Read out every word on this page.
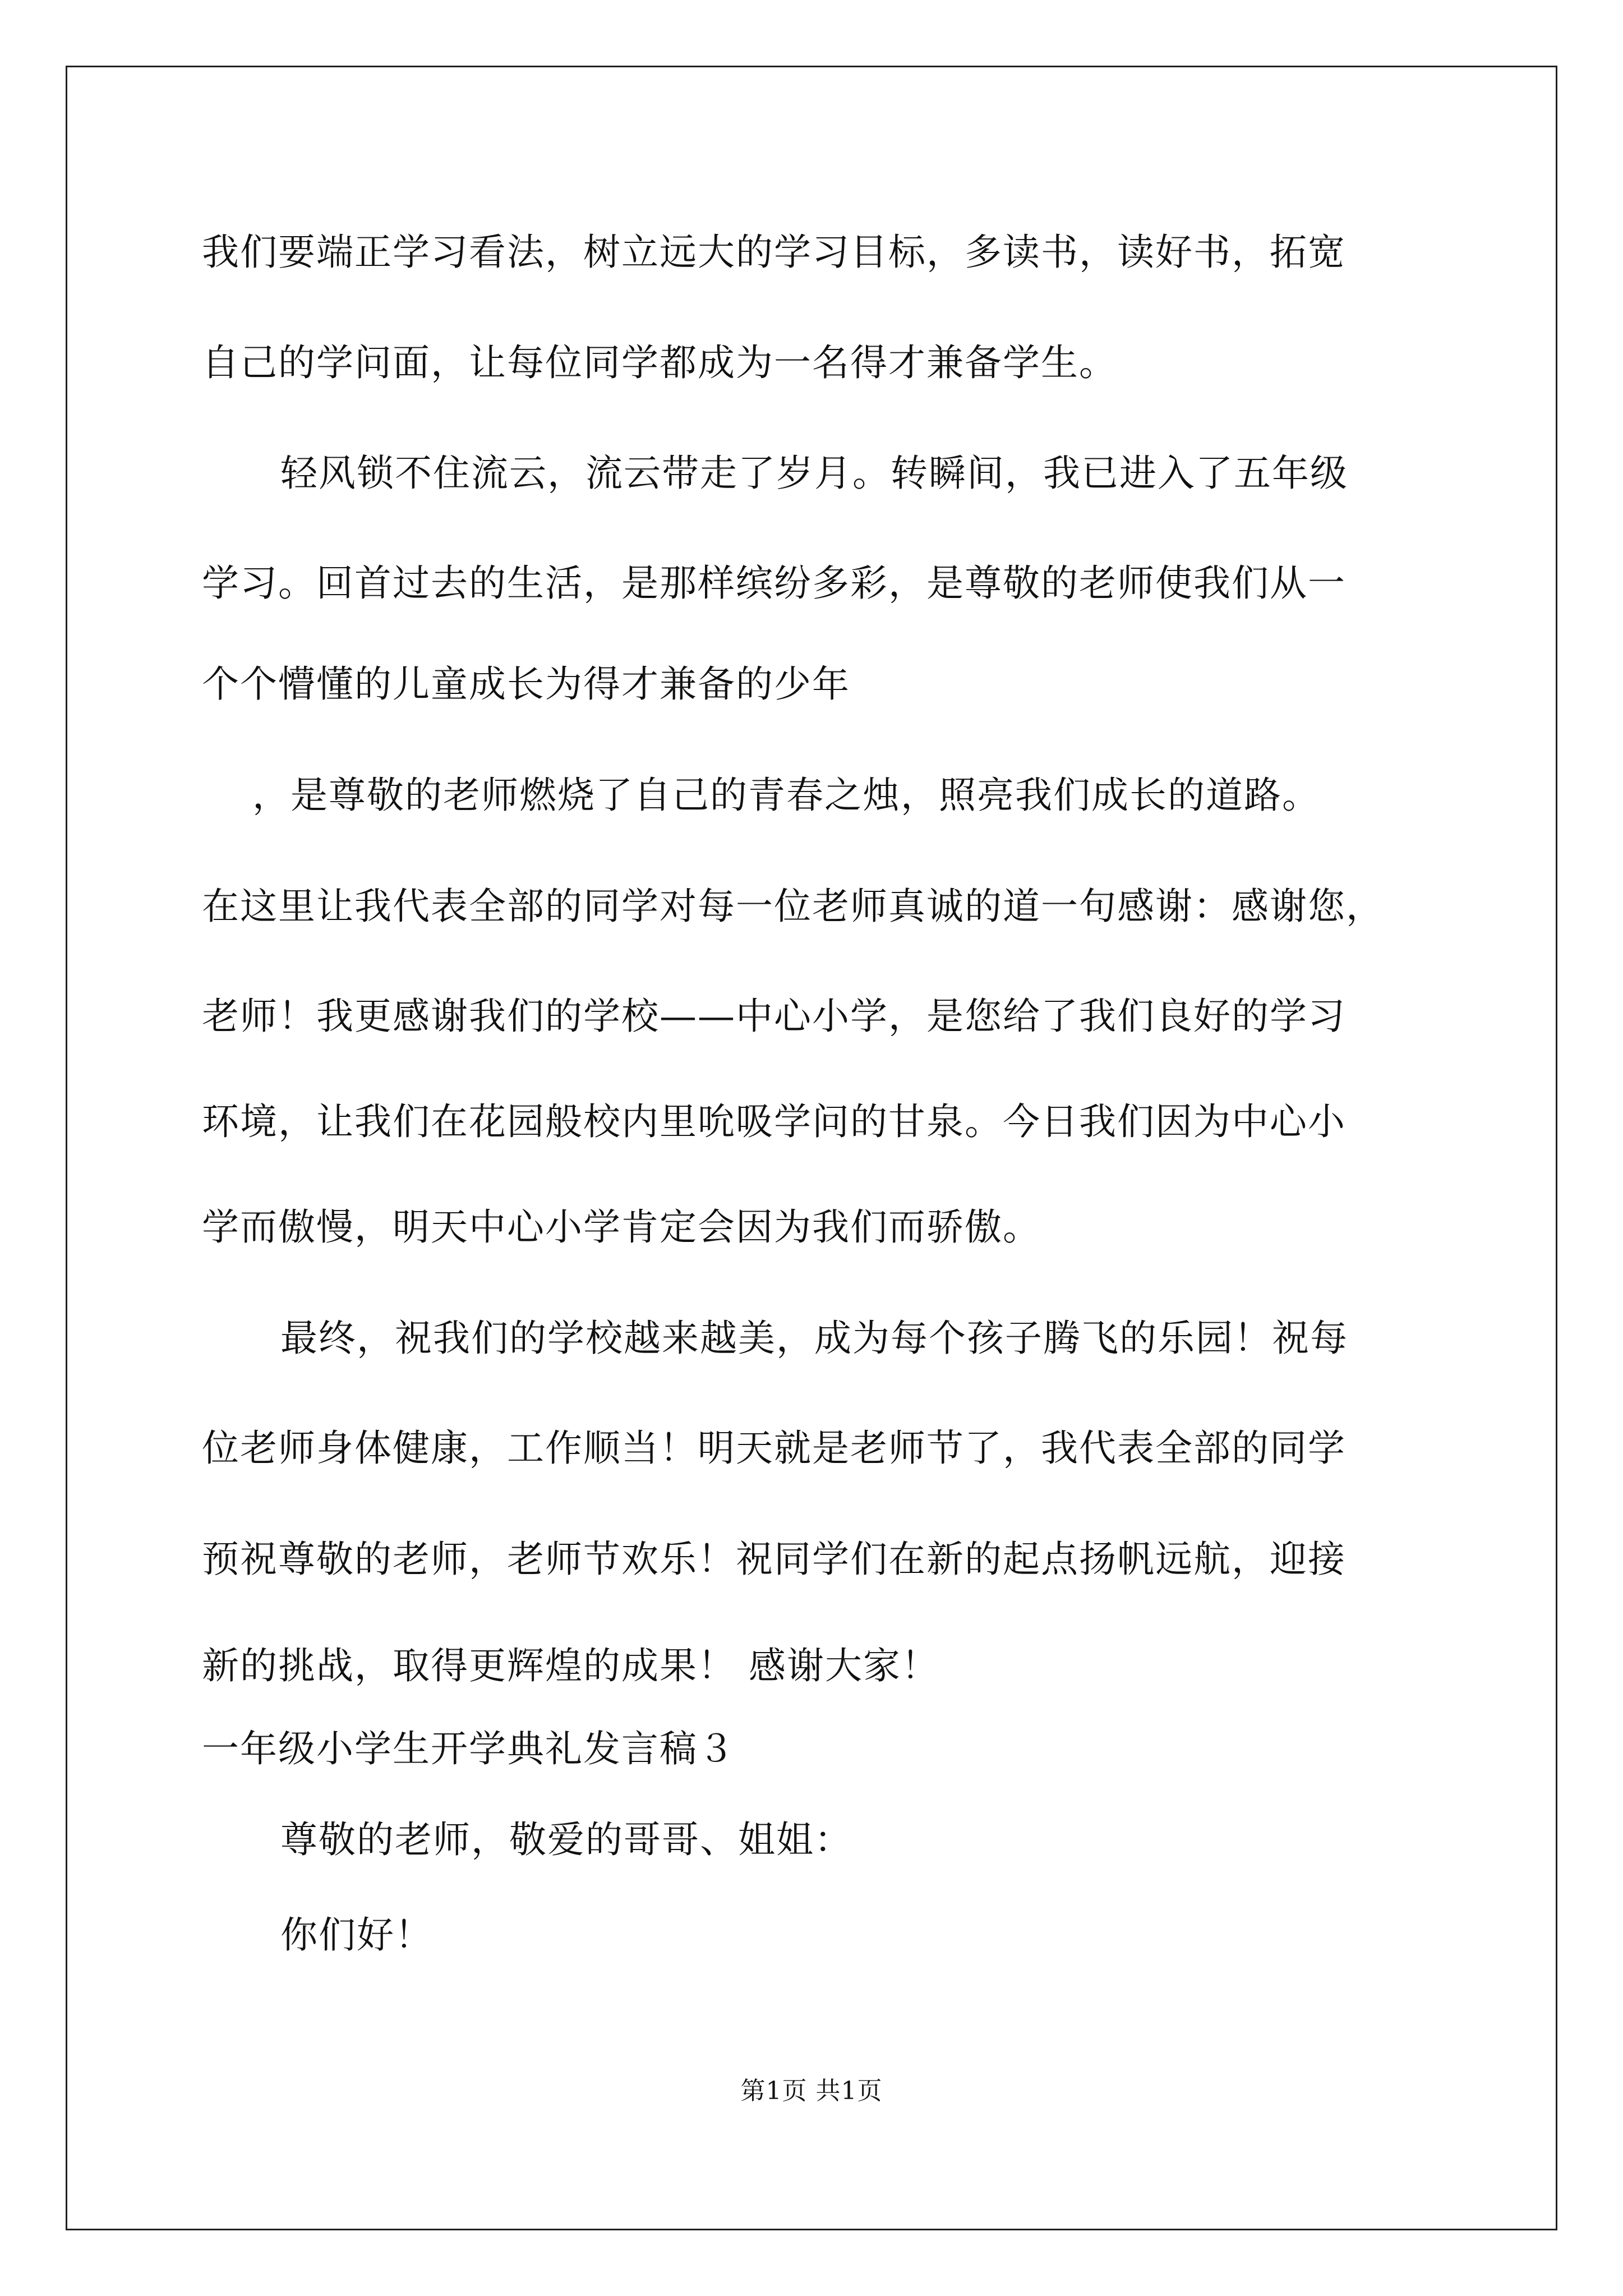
我们要端正学习看法，树立远大的学习目标，多读书，读好书，拓宽
自己的学问面，让每位同学都成为一名得才兼备学生。
轻风锁不住流云，流云带走了岁月。转瞬间，我已进入了五年级
学习。回首过去的生活，是那样缤纷多彩，是尊敬的老师使我们从一
个个懵懂的儿童成长为得才兼备的少年
，是尊敬的老师燃烧了自己的青春之烛，照亮我们成长的道路。
在这里让我代表全部的同学对每一位老师真诚的道一句感谢：感谢您，
老师！我更感谢我们的学校——中心小学，是您给了我们良好的学习
环境，让我们在花园般校内里吮吸学问的甘泉。今日我们因为中心小
学而傲慢，明天中心小学肯定会因为我们而骄傲。
最终，祝我们的学校越来越美，成为每个孩子腾飞的乐园！祝每
位老师身体健康，工作顺当！明天就是老师节了，我代表全部的同学
预祝尊敬的老师，老师节欢乐！祝同学们在新的起点扬帆远航，迎接
新的挑战，取得更辉煌的成果！ 感谢大家！
一年级小学生开学典礼发言稿３
尊敬的老师，敬爱的哥哥、姐姐：
你们好！
第1页 共1页
